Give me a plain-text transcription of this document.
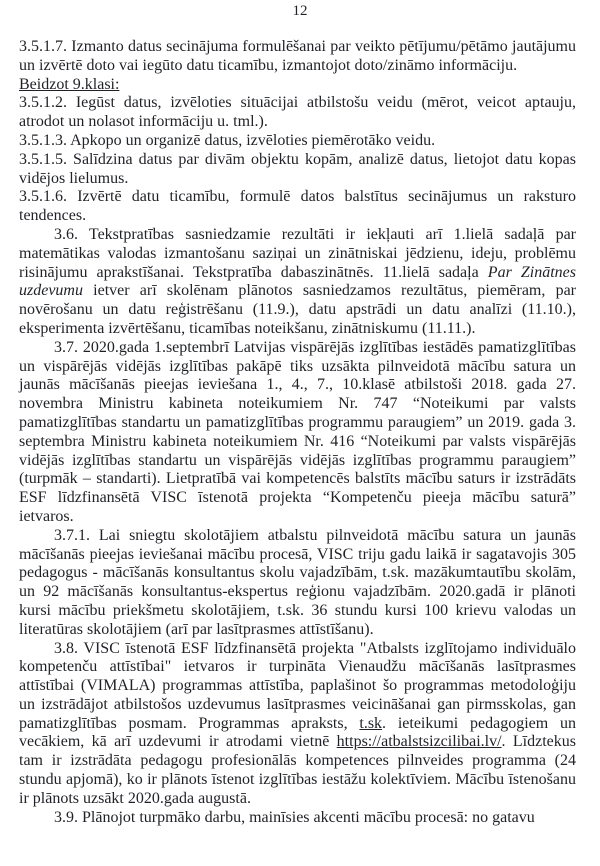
12

3.5.1.7. Izmanto datus secinājuma formulēšanai par veikto pētījumu/pētāmo jautājumu un izvērtē doto vai iegūto datu ticamību, izmantojot doto/zināmo informāciju.

Beidzot 9.klasi:

3.5.1.2. Iegūst datus, izvēloties situācijai atbilstošu veidu (mērot, veicot aptauju, atrodot un nolasot informāciju u. tml.).

3.5.1.3. Apkopo un organizē datus, izvēloties piemērotāko veidu.

3.5.1.5. Salīdzina datus par divām objektu kopām, analizē datus, lietojot datu kopas vidējos lielumus.

3.5.1.6. Izvērtē datu ticamību, formulē datos balstītus secinājumus un raksturo tendences.

3.6. Tekstpratības sasniedzamie rezultāti ir iekļauti arī 1.lielā sadaļā par matemātikas valodas izmantošanu saziņai un zinātniskai jēdzienu, ideju, problēmu risinājumu aprakstīšanai. Tekstpratība dabaszinātnēs. 11.lielā sadaļa Par Zinātnes uzdevumu ietver arī skolēnam plānotos sasniedzamos rezultātus, piemēram, par novērošanu un datu reģistrēšanu (11.9.), datu apstrādi un datu analīzi (11.10.), eksperimenta izvērtēšanu, ticamības noteikšanu, zinātniskumu (11.11.).

3.7. 2020.gada 1.septembrī Latvijas vispārējās izglītības iestādēs pamatizglītības un vispārējās vidējās izglītības pakāpē tiks uzsākta pilnveidotā mācību satura un jaunās mācīšanās pieejas ieviešana 1., 4., 7., 10.klasē atbilstoši 2018. gada 27. novembra Ministru kabineta noteikumiem Nr. 747 “Noteikumi par valsts pamatizglītības standartu un pamatizglītības programmu paraugiem” un 2019. gada 3. septembra Ministru kabineta noteikumiem Nr. 416 “Noteikumi par valsts vispārējās vidējās izglītības standartu un vispārējās vidējās izglītības programmu paraugiem” (turpmāk – standarti). Lietpratībā vai kompetencēs balstīts mācību saturs ir izstrādāts ESF līdzfinansētā VISC īstenotā projekta “Kompetenču pieeja mācību saturā” ietvaros.

3.7.1. Lai sniegtu skolotājiem atbalstu pilnveidotā mācību satura un jaunās mācīšanās pieejas ieviešanai mācību procesā, VISC triju gadu laikā ir sagatavojis 305 pedagogus - mācīšanās konsultantus skolu vajadzībām, t.sk. mazākumtautību skolām, un 92 mācīšanās konsultantus-ekspertus reģionu vajadzībām. 2020.gadā ir plānoti kursi mācību priekšmetu skolotājiem, t.sk. 36 stundu kursi 100 krievu valodas un literatūras skolotājiem (arī par lasītprasmes attīstīšanu).

3.8. VISC īstenotā ESF līdzfinansētā projekta "Atbalsts izglītojamo individuālo kompetenču attīstībai" ietvaros ir turpināta Vienaudžu mācīšanās lasītprasmes attīstībai (VIMALA) programmas attīstība, paplašinot šo programmas metodoloģiju un izstrādājot atbilstošos uzdevumus lasītprasmes veicināšanai gan pirmsskolas, gan pamatizglītības posmam. Programmas apraksts, t.sk. ieteikumi pedagogiem un vecākiem, kā arī uzdevumi ir atrodami vietnē https://atbalstsizcilibai.lv/. Līdztekus tam ir izstrādāta pedagogu profesionālās kompetences pilnveides programma (24 stundu apjomā), ko ir plānots īstenot izglītības iestāžu kolektīviem. Mācību īstenošanu ir plānots uzsākt 2020.gada augustā.

3.9. Plānojot turpmāko darbu, mainīsies akcenti mācību procesā: no gatavu
